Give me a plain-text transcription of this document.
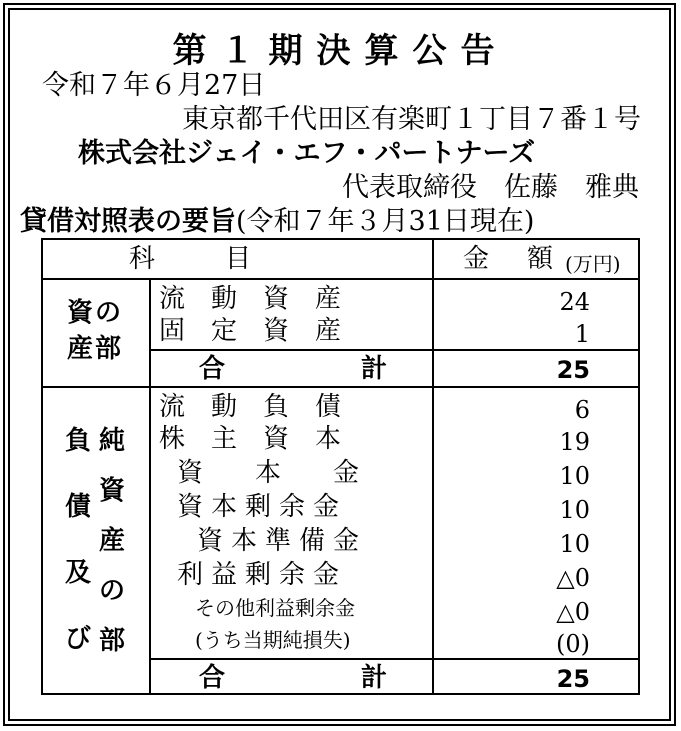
第１期決算公告
令和７年６月27日
東京都千代田区有楽町１丁目７番１号
株式会社ジェイ・エフ・パートナーズ
代表取締役　佐藤　雅典
貸借対照表の要旨(令和７年３月31日現在)
科　　目	金　額 (万円)
資の
産部
流　動　資　産	24
固　定　資　産	1
合	計	25
負
債
及
び
純
資
産
の
部
流　動　負　債	6
株　主　資　本	19
資　　本　　金	10
資本剰余金	10
資本準備金	10
利益剰余金	△0
その他利益剰余金	△0
(うち当期純損失)	(0)
合	計	25
